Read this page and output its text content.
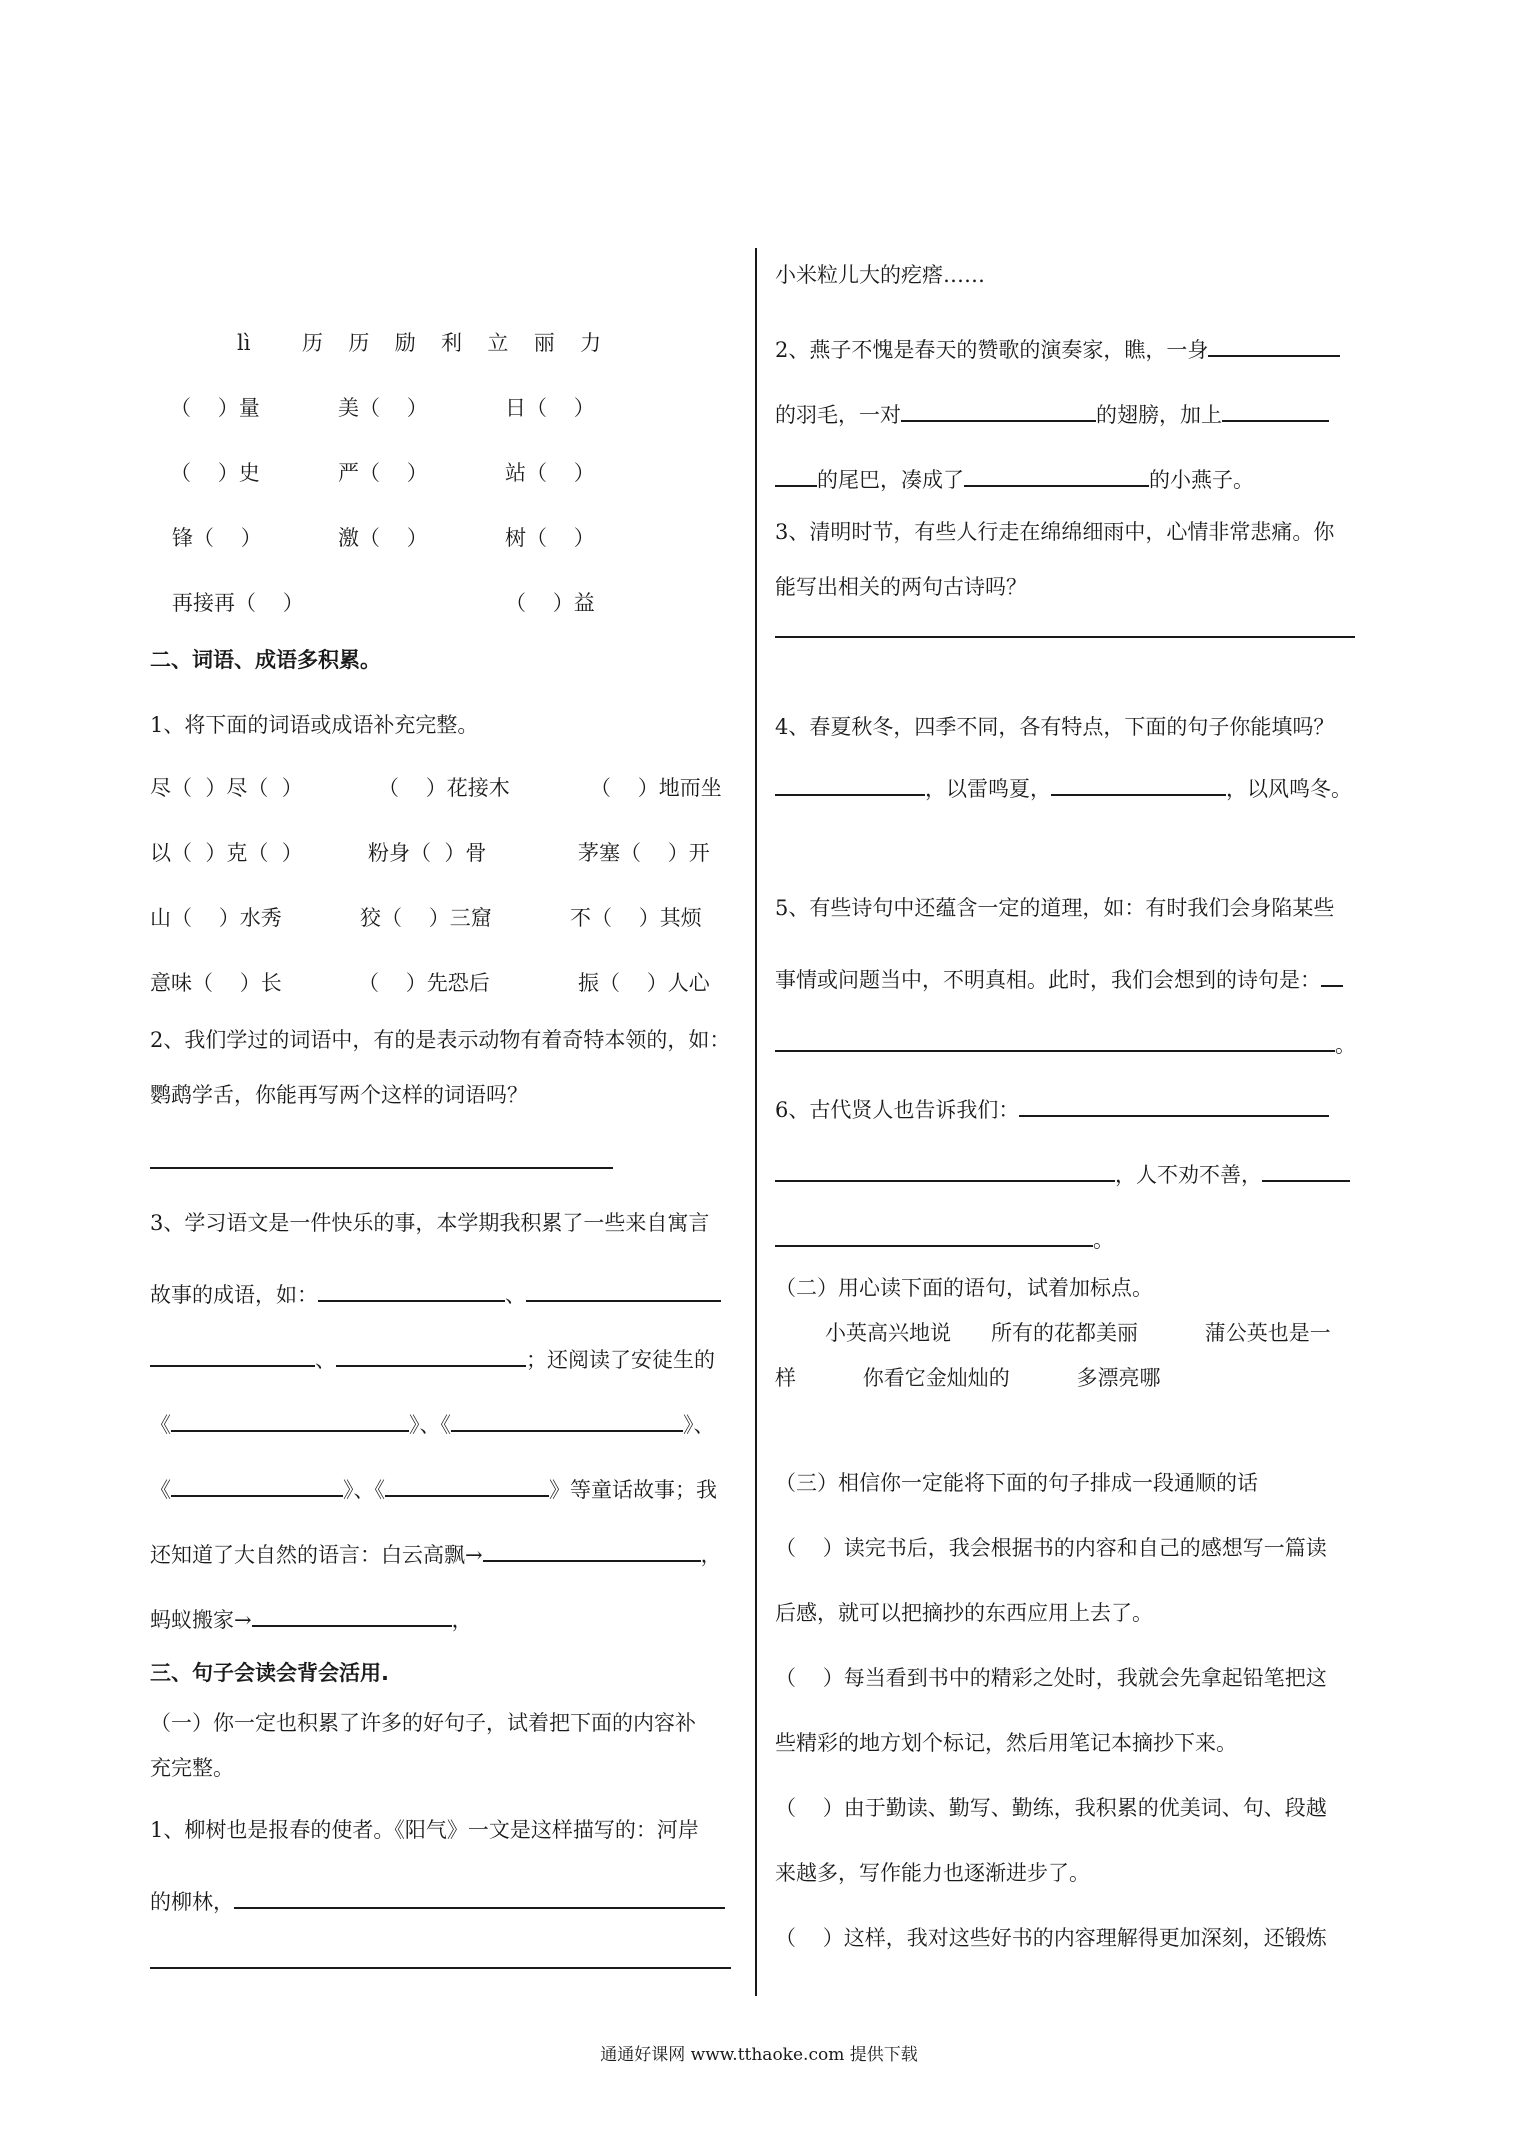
lì 历  历  励  利  立  丽  力
（    ）量	美（    ）	日（    ）
（    ）史	严（    ）	站（    ）
锋（    ）	激（    ）	树（    ）
再接再（    ）	（    ）益
二、词语、成语多积累。
1、将下面的词语或成语补充完整。
尽（  ）尽（  ）	（    ）花接木	（    ）地而坐
以（  ）克（  ）	粉身（  ）骨	茅塞（    ）开
山（    ）水秀	狡（    ）三窟	不（    ）其烦
意味（    ）长	（    ）先恐后	振（    ）人心
2、我们学过的词语中，有的是表示动物有着奇特本领的，如：
鹦鹉学舌，你能再写两个这样的词语吗？
3、学习语文是一件快乐的事，本学期我积累了一些来自寓言
故事的成语，如：	、
、	；还阅读了安徒生的
《	》、《	》、
《	》、《	》等童话故事；我
还知道了大自然的语言：白云高飘→	，
蚂蚁搬家→	，
三、句子会读会背会活用.
（一）你一定也积累了许多的好句子，试着把下面的内容补
充完整。
1、柳树也是报春的使者。《阳气》一文是这样描写的：河岸
的柳林，
小米粒儿大的疙瘩……
2、燕子不愧是春天的赞歌的演奏家，瞧，一身
的羽毛，一对	的翅膀，加上
的尾巴，凑成了	的小燕子。
3、清明时节，有些人行走在绵绵细雨中，心情非常悲痛。你
能写出相关的两句古诗吗？
4、春夏秋冬，四季不同，各有特点，下面的句子你能填吗？
，以雷鸣夏，	，以风鸣冬。
5、有些诗句中还蕴含一定的道理，如：有时我们会身陷某些
事情或问题当中，不明真相。此时，我们会想到的诗句是：
。
6、古代贤人也告诉我们：
，人不劝不善，
。
（二）用心读下面的语句，试着加标点。
小英高兴地说      所有的花都美丽          蒲公英也是一
样          你看它金灿灿的          多漂亮哪
（三）相信你一定能将下面的句子排成一段通顺的话
（    ）读完书后，我会根据书的内容和自己的感想写一篇读
后感，就可以把摘抄的东西应用上去了。
（    ）每当看到书中的精彩之处时，我就会先拿起铅笔把这
些精彩的地方划个标记，然后用笔记本摘抄下来。
（    ）由于勤读、勤写、勤练，我积累的优美词、句、段越
来越多，写作能力也逐渐进步了。
（    ）这样，我对这些好书的内容理解得更加深刻，还锻炼
通通好课网 www.tthaoke.com 提供下载
